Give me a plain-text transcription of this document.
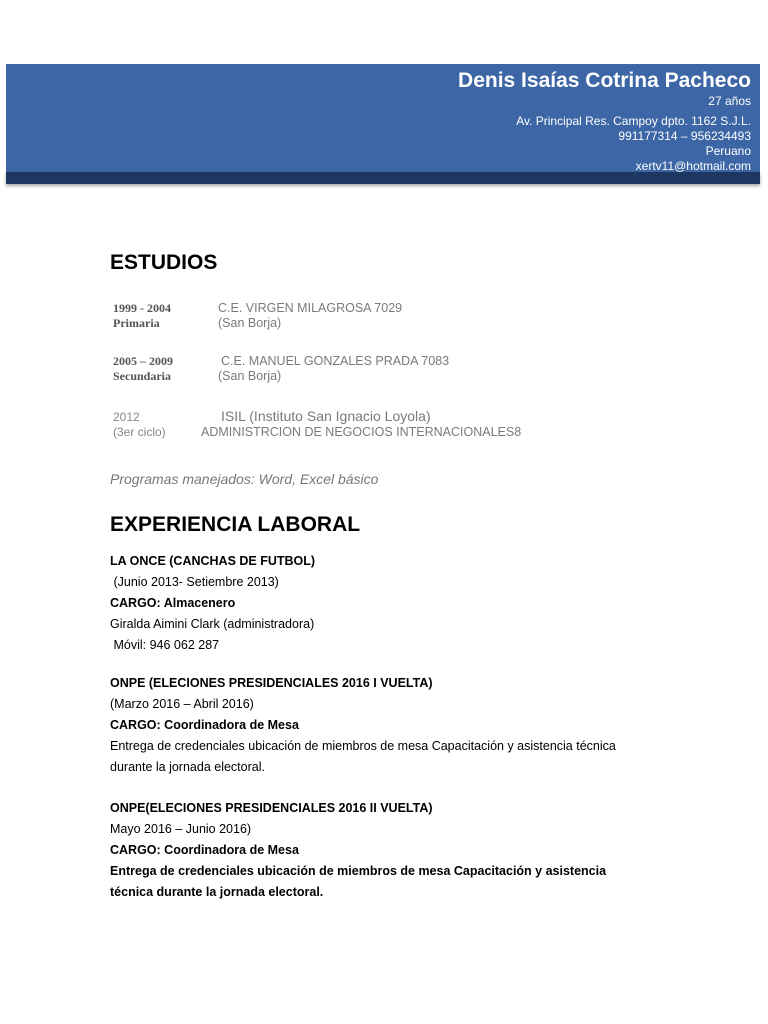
Denis Isaías Cotrina Pacheco
27 años
Av. Principal Res. Campoy dpto. 1162 S.J.L.
991177314 – 956234493
Peruano
xertv11@hotmail.com
ESTUDIOS
1999 - 2004
Primaria
C.E. VIRGEN MILAGROSA 7029
(San Borja)
2005 – 2009
Secundaria
C.E. MANUEL GONZALES PRADA 7083
(San Borja)
2012
(3er ciclo)
ISIL (Instituto San Ignacio Loyola)
ADMINISTRCION DE NEGOCIOS INTERNACIONALES8
Programas manejados: Word, Excel básico
EXPERIENCIA LABORAL
LA ONCE (CANCHAS DE FUTBOL)
(Junio 2013- Setiembre 2013)
CARGO: Almacenero
Giralda Aimini Clark (administradora)
Móvil: 946 062 287
ONPE (ELECIONES PRESIDENCIALES 2016 I VUELTA)
(Marzo 2016 – Abril 2016)
CARGO: Coordinadora de Mesa
Entrega de credenciales ubicación de miembros de mesa Capacitación y asistencia técnica
durante la jornada electoral.
ONPE(ELECIONES PRESIDENCIALES 2016 II VUELTA)
Mayo 2016 – Junio 2016)
CARGO: Coordinadora de Mesa
Entrega de credenciales ubicación de miembros de mesa Capacitación y asistencia
técnica durante la jornada electoral.
